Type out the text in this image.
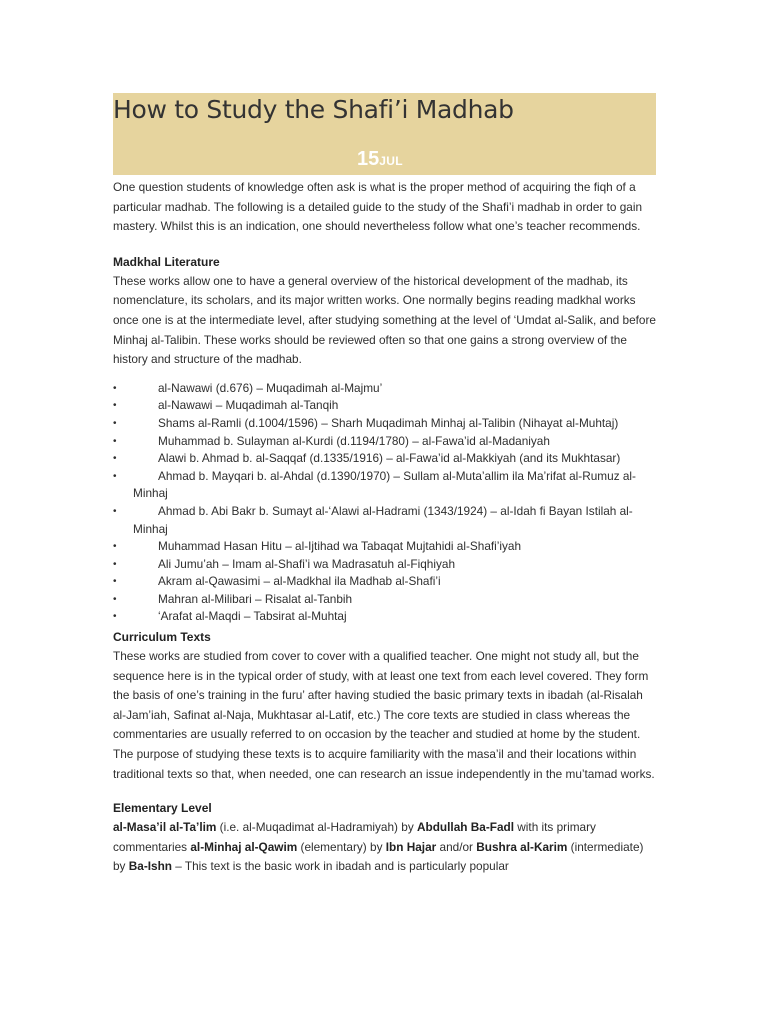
How to Study the Shafi’i Madhab
15JUL

One question students of knowledge often ask is what is the proper method of acquiring the fiqh of a particular madhab. The following is a detailed guide to the study of the Shafi’i madhab in order to gain mastery. Whilst this is an indication, one should nevertheless follow what one’s teacher recommends.

Madkhal Literature

These works allow one to have a general overview of the historical development of the madhab, its nomenclature, its scholars, and its major written works. One normally begins reading madkhal works once one is at the intermediate level, after studying something at the level of ‘Umdat al-Salik, and before Minhaj al-Talibin. These works should be reviewed often so that one gains a strong overview of the history and structure of the madhab.

•	al-Nawawi (d.676) – Muqadimah al-Majmu’
•	al-Nawawi – Muqadimah al-Tanqih
•	Shams al-Ramli (d.1004/1596) – Sharh Muqadimah Minhaj al-Talibin (Nihayat al-Muhtaj)
•	Muhammad b. Sulayman al-Kurdi (d.1194/1780) – al-Fawa’id al-Madaniyah
•	Alawi b. Ahmad b. al-Saqqaf (d.1335/1916) – al-Fawa’id al-Makkiyah (and its Mukhtasar)
•	Ahmad b. Mayqari b. al-Ahdal (d.1390/1970) – Sullam al-Muta’allim ila Ma’rifat al-Rumuz al-Minhaj
•	Ahmad b. Abi Bakr b. Sumayt al-‘Alawi al-Hadrami (1343/1924) – al-Idah fi Bayan Istilah al-Minhaj
•	Muhammad Hasan Hitu – al-Ijtihad wa Tabaqat Mujtahidi al-Shafi’iyah
•	Ali Jumu’ah – Imam al-Shafi’i wa Madrasatuh al-Fiqhiyah
•	Akram al-Qawasimi – al-Madkhal ila Madhab al-Shafi’i
•	Mahran al-Milibari – Risalat al-Tanbih
•	‘Arafat al-Maqdi – Tabsirat al-Muhtaj
Curriculum Texts

These works are studied from cover to cover with a qualified teacher. One might not study all, but the sequence here is in the typical order of study, with at least one text from each level covered. They form the basis of one’s training in the furu’ after having studied the basic primary texts in ibadah (al-Risalah al-Jam’iah, Safinat al-Naja, Mukhtasar al-Latif, etc.) The core texts are studied in class whereas the commentaries are usually referred to on occasion by the teacher and studied at home by the student. The purpose of studying these texts is to acquire familiarity with the masa’il and their locations within traditional texts so that, when needed, one can research an issue independently in the mu’tamad works.

Elementary Level

al-Masa’il al-Ta’lim (i.e. al-Muqadimat al-Hadramiyah) by Abdullah Ba-Fadl with its primary commentaries al-Minhaj al-Qawim (elementary) by Ibn Hajar and/or Bushra al-Karim (intermediate) by Ba-Ishn – This text is the basic work in ibadah and is particularly popular
